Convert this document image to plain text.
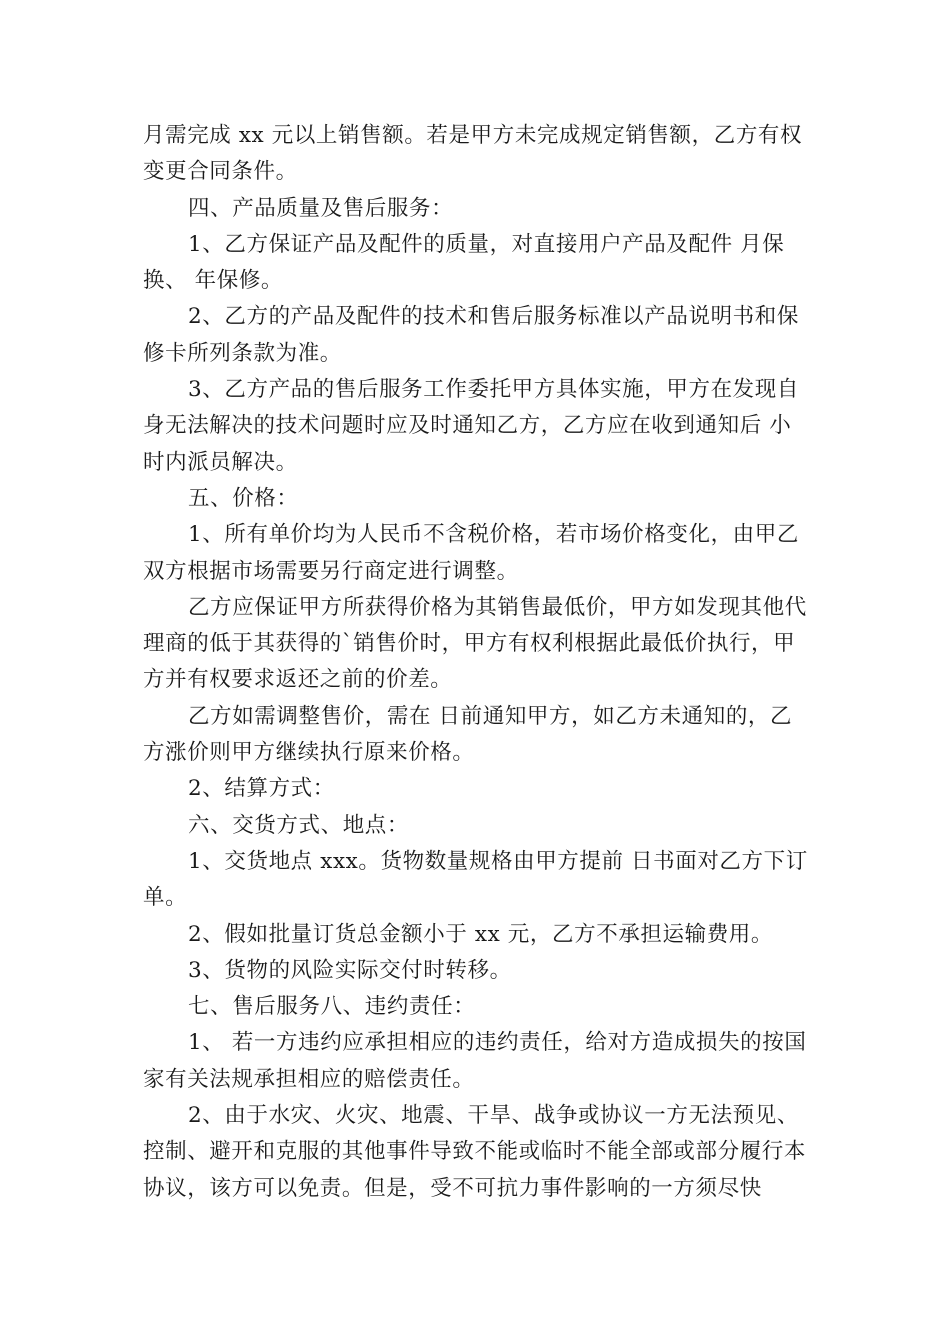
月需完成 xx 元以上销售额。若是甲方未完成规定销售额，乙方有权变更合同条件。

四、产品质量及售后服务：

1、乙方保证产品及配件的质量，对直接用户产品及配件 月保换、 年保修。

2、乙方的产品及配件的技术和售后服务标准以产品说明书和保修卡所列条款为准。

3、乙方产品的售后服务工作委托甲方具体实施，甲方在发现自身无法解决的技术问题时应及时通知乙方，乙方应在收到通知后 小时内派员解决。

五、价格：

1、所有单价均为人民币不含税价格，若市场价格变化，由甲乙双方根据市场需要另行商定进行调整。

乙方应保证甲方所获得价格为其销售最低价，甲方如发现其他代理商的低于其获得的`销售价时，甲方有权利根据此最低价执行，甲方并有权要求返还之前的价差。

乙方如需调整售价，需在 日前通知甲方，如乙方未通知的，乙方涨价则甲方继续执行原来价格。

2、结算方式：

六、交货方式、地点：

1、交货地点 xxx。货物数量规格由甲方提前 日书面对乙方下订单。

2、假如批量订货总金额小于 xx 元，乙方不承担运输费用。

3、货物的风险实际交付时转移。

七、售后服务八、违约责任：

1、 若一方违约应承担相应的违约责任，给对方造成损失的按国家有关法规承担相应的赔偿责任。

2、由于水灾、火灾、地震、干旱、战争或协议一方无法预见、控制、避开和克服的其他事件导致不能或临时不能全部或部分履行本协议，该方可以免责。但是，受不可抗力事件影响的一方须尽快
